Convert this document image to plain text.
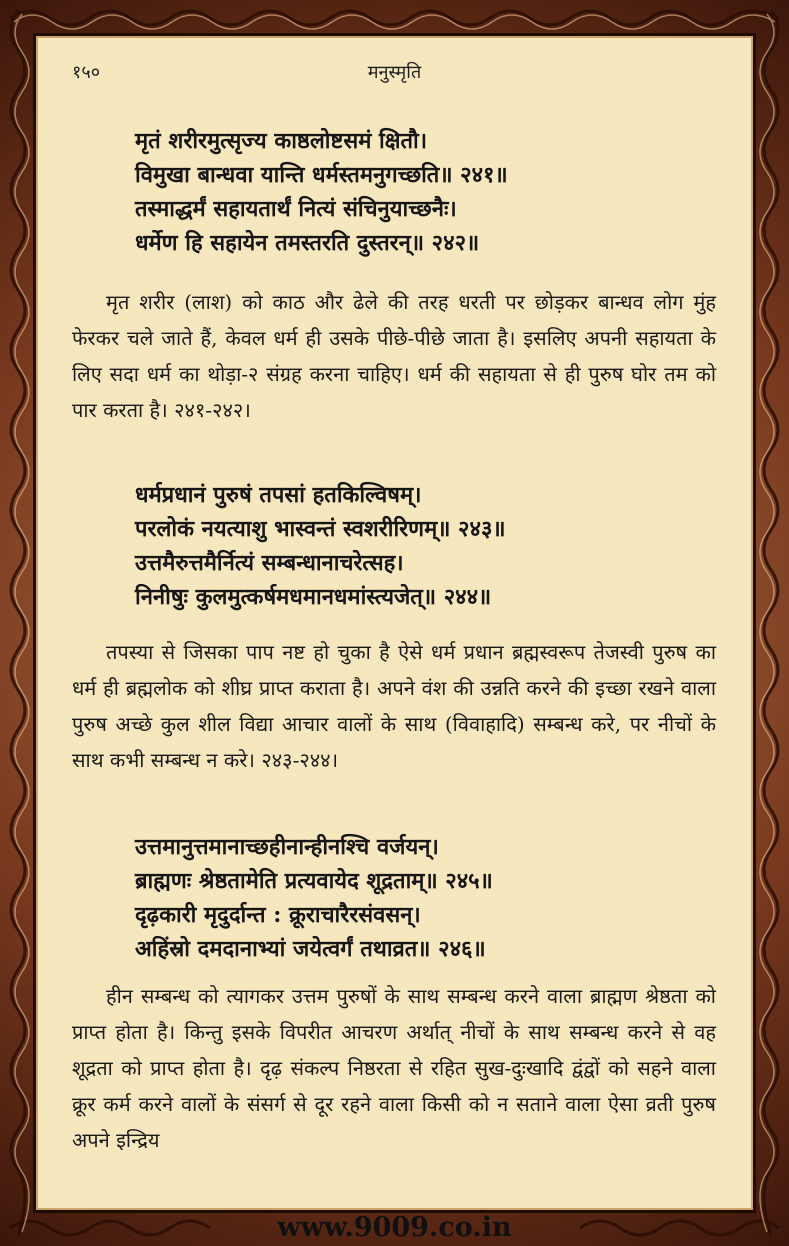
१५०	मनुस्मृति
मृतं शरीरमुत्सृज्य काष्ठलोष्टसमं क्षितौ।
विमुखा बान्धवा यान्ति धर्मस्तमनुगच्छति॥ २४१॥
तस्माद्धर्मं सहायतार्थं नित्यं संचिनुयाच्छनैः।
धर्मेण हि सहायेन तमस्तरति दुस्तरन्॥ २४२॥

मृत शरीर (लाश) को काठ और ढेले की तरह धरती पर छोड़कर बान्धव लोग मुंह फेरकर चले जाते हैं, केवल धर्म ही उसके पीछे-पीछे जाता है। इसलिए अपनी सहायता के लिए सदा धर्म का थोड़ा-२ संग्रह करना चाहिए। धर्म की सहायता से ही पुरुष घोर तम को पार करता है। २४१-२४२।

धर्मप्रधानं पुरुषं तपसां हतकिल्विषम्।
परलोकं नयत्याशु भास्वन्तं स्वशरीरिणम्॥ २४३॥
उत्तमैरुत्तमैर्नित्यं सम्बन्धानाचरेत्सह।
निनीषुः कुलमुत्कर्षमधमानधमांस्त्यजेत्॥ २४४॥

तपस्या से जिसका पाप नष्ट हो चुका है ऐसे धर्म प्रधान ब्रह्मस्वरूप तेजस्वी पुरुष का धर्म ही ब्रह्मलोक को शीघ्र प्राप्त कराता है। अपने वंश की उन्नति करने की इच्छा रखने वाला पुरुष अच्छे कुल शील विद्या आचार वालों के साथ (विवाहादि) सम्बन्ध करे, पर नीचों के साथ कभी सम्बन्ध न करे। २४३-२४४।

उत्तमानुत्तमानाच्छहीनान्हीनश्चि वर्जयन्।
ब्राह्मणः श्रेष्ठतामेति प्रत्यवायेद शूद्रताम्॥ २४५॥
दृढ़कारी मृदुर्दान्त : क्रूराचारैरसंवसन्।
अहिंस्रो दमदानाभ्यां जयेत्वर्गं तथाव्रत॥ २४६॥

हीन सम्बन्ध को त्यागकर उत्तम पुरुषों के साथ सम्बन्ध करने वाला ब्राह्मण श्रेष्ठता को प्राप्त होता है। किन्तु इसके विपरीत आचरण अर्थात् नीचों के साथ सम्बन्ध करने से वह शूद्रता को प्राप्त होता है। दृढ़ संकल्प निष्ठरता से रहित सुख-दुःखादि द्वंद्वों को सहने वाला क्रूर कर्म करने वालों के संसर्ग से दूर रहने वाला किसी को न सताने वाला ऐसा व्रती पुरुष अपने इन्द्रिय

www.9009.co.in
